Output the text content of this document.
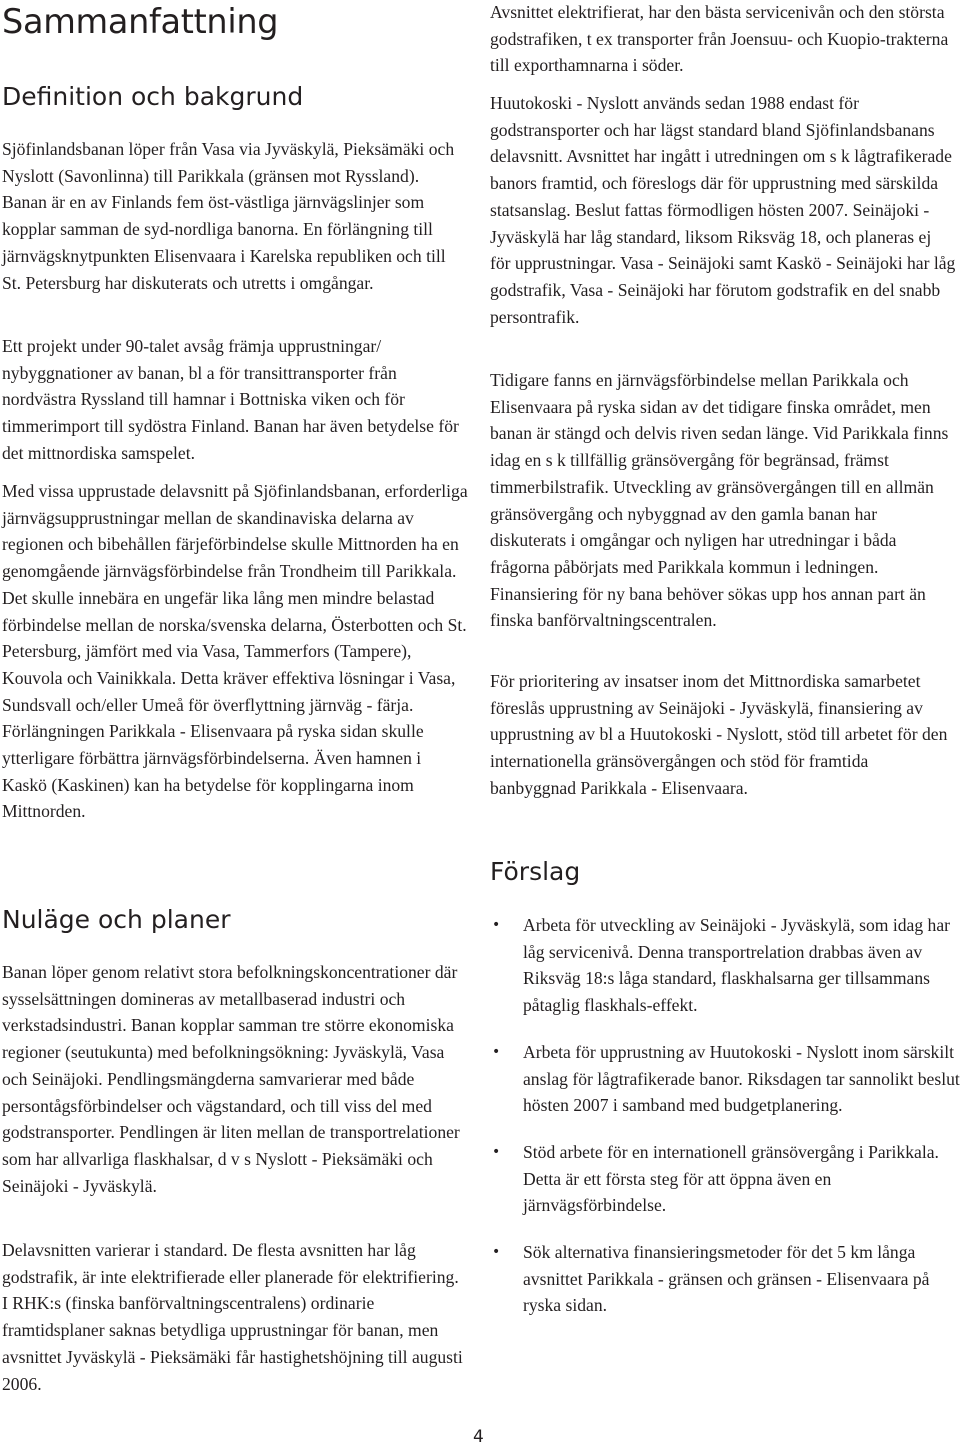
Sammanfattning
Definition och bakgrund

Sjöfinlandsbanan löper från Vasa via Jyväskylä, Pieksämäki och Nyslott (Savonlinna) till Parikkala (gränsen mot Ryssland). Banan är en av Finlands fem öst-västliga järnvägslinjer som kopplar samman de syd-nordliga banorna. En förlängning till järnvägsknytpunkten Elisenvaara i Karelska republiken och till St. Petersburg har diskuterats och utretts i omgångar.

Ett projekt under 90-talet avsåg främja upprustningar/ nybyggnationer av banan, bl a för transittransporter från nordvästra Ryssland till hamnar i Bottniska viken och för timmerimport till sydöstra Finland. Banan har även betydelse för det mittnordiska samspelet.

Med vissa upprustade delavsnitt på Sjöfinlandsbanan, erforderliga järnvägsupprustningar mellan de skandinaviska delarna av regionen och bibehållen färjeförbindelse skulle Mittnorden ha en genomgående järnvägsförbindelse från Trondheim till Parikkala. Det skulle innebära en ungefär lika lång men mindre belastad förbindelse mellan de norska/svenska delarna, Österbotten och St. Petersburg, jämfört med via Vasa, Tammerfors (Tampere), Kouvola och Vainikkala. Detta kräver effektiva lösningar i Vasa, Sundsvall och/eller Umeå för överflyttning järnväg - färja. Förlängningen Parikkala - Elisenvaara på ryska sidan skulle ytterligare förbättra järnvägsförbindelserna. Även hamnen i Kaskö (Kaskinen) kan ha betydelse för kopplingarna inom Mittnorden.

Nuläge och planer

Banan löper genom relativt stora befolkningskoncentrationer där sysselsättningen domineras av metallbaserad industri och verkstadsindustri. Banan kopplar samman tre större ekonomiska regioner (seutukunta) med befolkningsökning: Jyväskylä, Vasa och Seinäjoki. Pendlingsmängderna samvarierar med både persontågsförbindelser och vägstandard, och till viss del med godstransporter. Pendlingen är liten mellan de transportrelationer som har allvarliga flaskhalsar, d v s Nyslott - Pieksämäki och Seinäjoki - Jyväskylä.

Delavsnitten varierar i standard. De flesta avsnitten har låg godstrafik, är inte elektrifierade eller planerade för elektrifiering. I RHK:s (finska banförvaltningscentralens) ordinarie framtidsplaner saknas betydliga upprustningar för banan, men avsnittet Jyväskylä - Pieksämäki får hastighetshöjning till augusti 2006.

Avsnittet elektrifierat, har den bästa servicenivån och den största godstrafiken, t ex transporter från Joensuu- och Kuopio-trakterna till exporthamnarna i söder.

Huutokoski - Nyslott används sedan 1988 endast för godstransporter och har lägst standard bland Sjöfinlandsbanans delavsnitt. Avsnittet har ingått i utredningen om s k lågtrafikerade banors framtid, och föreslogs där för upprustning med särskilda statsanslag. Beslut fattas förmodligen hösten 2007. Seinäjoki - Jyväskylä har låg standard, liksom Riksväg 18, och planeras ej för upprustningar. Vasa - Seinäjoki samt Kaskö - Seinäjoki har låg godstrafik, Vasa - Seinäjoki har förutom godstrafik en del snabb persontrafik.

Tidigare fanns en järnvägsförbindelse mellan Parikkala och Elisenvaara på ryska sidan av det tidigare finska området, men banan är stängd och delvis riven sedan länge. Vid Parikkala finns idag en s k tillfällig gränsövergång för begränsad, främst timmerbilstrafik. Utveckling av gränsövergången till en allmän gränsövergång och nybyggnad av den gamla banan har diskuterats i omgångar och nyligen har utredningar i båda frågorna påbörjats med Parikkala kommun i ledningen. Finansiering för ny bana behöver sökas upp hos annan part än finska banförvaltningscentralen.

För prioritering av insatser inom det Mittnordiska samarbetet föreslås upprustning av Seinäjoki - Jyväskylä, finansiering av upprustning av bl a Huutokoski - Nyslott, stöd till arbetet för den internationella gränsövergången och stöd för framtida banbyggnad Parikkala - Elisenvaara.

Förslag
• Arbeta för utveckling av Seinäjoki - Jyväskylä, som idag har låg servicenivå. Denna transportrelation drabbas även av Riksväg 18:s låga standard, flaskhalsarna ger tillsammans påtaglig flaskhals-effekt.
• Arbeta för upprustning av Huutokoski - Nyslott inom särskilt anslag för lågtrafikerade banor. Riksdagen tar sannolikt beslut hösten 2007 i samband med budgetplanering.
• Stöd arbete för en internationell gränsövergång i Parikkala. Detta är ett första steg för att öppna även en järnvägsförbindelse.
• Sök alternativa finansieringsmetoder för det 5 km långa avsnittet Parikkala - gränsen och gränsen - Elisenvaara på ryska sidan.
4
